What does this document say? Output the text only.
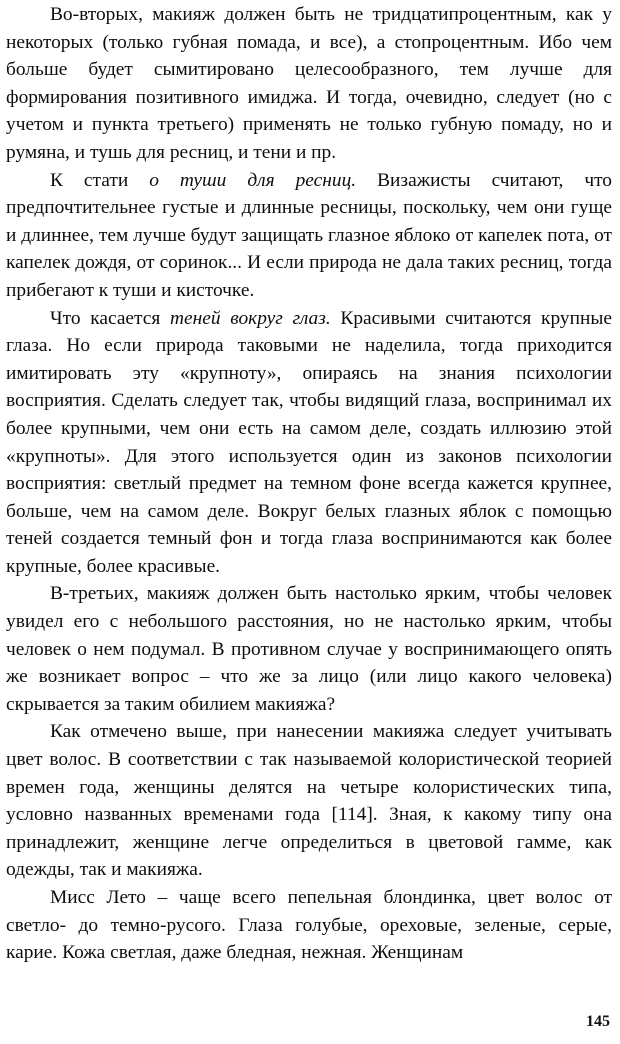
Во-вторых, макияж должен быть не тридцатипроцентным, как у некоторых (только губная помада, и все), а стопроцентным. Ибо чем больше будет сымитировано целесообразного, тем лучше для формирования позитивного имиджа. И тогда, очевидно, следует (но с учетом и пункта третьего) применять не только губную помаду, но и румяна, и тушь для ресниц, и тени и пр.

К стати о туши для ресниц. Визажисты считают, что предпочтительнее густые и длинные ресницы, поскольку, чем они гуще и длиннее, тем лучше будут защищать глазное яблоко от капелек пота, от капелек дождя, от соринок... И если природа не дала таких ресниц, тогда прибегают к туши и кисточке.

Что касается теней вокруг глаз. Красивыми считаются крупные глаза. Но если природа таковыми не наделила, тогда приходится имитировать эту «крупноту», опираясь на знания психологии восприятия. Сделать следует так, чтобы видящий глаза, воспринимал их более крупными, чем они есть на самом деле, создать иллюзию этой «крупноты». Для этого используется один из законов психологии восприятия: светлый предмет на темном фоне всегда кажется крупнее, больше, чем на самом деле. Вокруг белых глазных яблок с помощью теней создается темный фон и тогда глаза воспринимаются как более крупные, более красивые.

В-третьих, макияж должен быть настолько ярким, чтобы человек увидел его с небольшого расстояния, но не настолько ярким, чтобы человек о нем подумал. В противном случае у воспринимающего опять же возникает вопрос – что же за лицо (или лицо какого человека) скрывается за таким обилием макияжа?

Как отмечено выше, при нанесении макияжа следует учитывать цвет волос. В соответствии с так называемой колористической теорией времен года, женщины делятся на четыре колористических типа, условно названных временами года [114]. Зная, к какому типу она принадлежит, женщине легче определиться в цветовой гамме, как одежды, так и макияжа.

Мисс Лето – чаще всего пепельная блондинка, цвет волос от светло- до темно-русого. Глаза голубые, ореховые, зеленые, серые, карие. Кожа светлая, даже бледная, нежная. Женщинам

145
